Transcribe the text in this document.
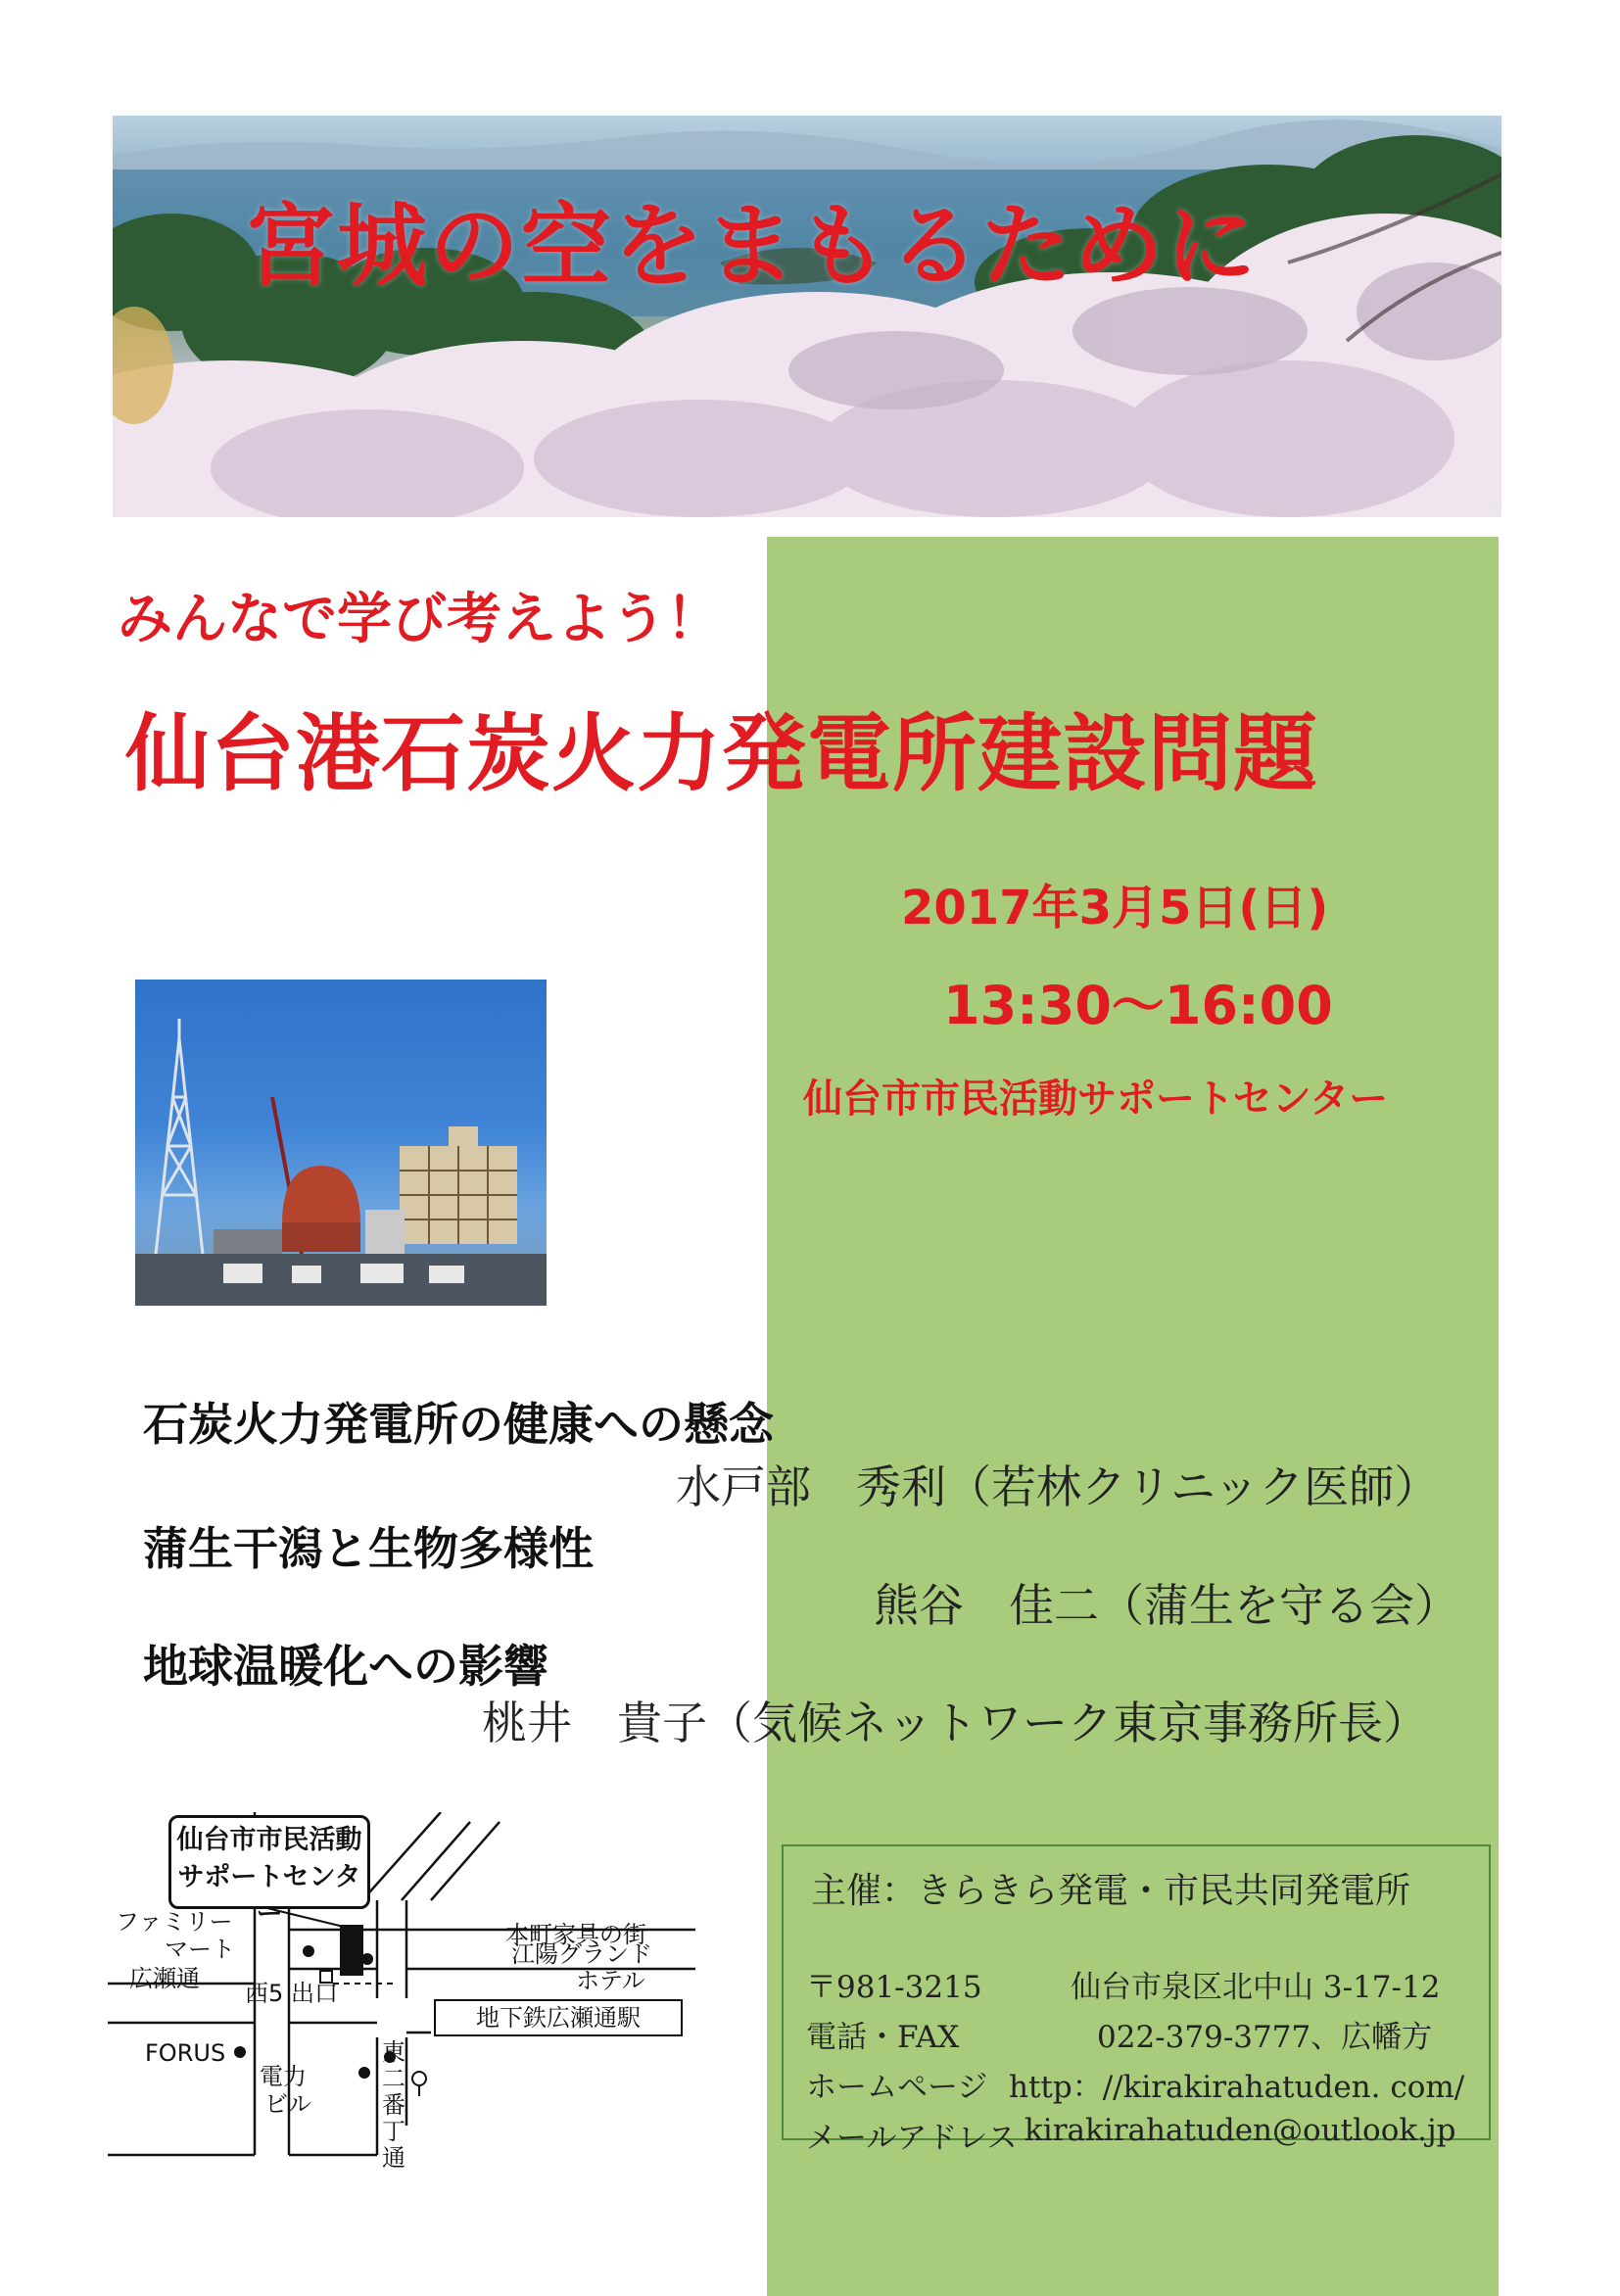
宮城の空をまもるために
みんなで学び考えよう！
仙台港石炭火力発電所建設問題
2017年3月5日(日)
13:30〜16:00
仙台市市民活動サポートセンター
石炭火力発電所の健康への懸念
水戸部　秀利（若林クリニック医師）
蒲生干潟と生物多様性
熊谷　佳二（蒲生を守る会）
地球温暖化への影響
桃井　貴子（気候ネットワーク東京事務所長）
仙台市市民活動
サポートセンター
本町家具の街
ファミリー
マート
広瀬通
江陽グランド
ホテル
西5 出口
地下鉄広瀬通駅
FORUS
電力
ビル
東
二
番
丁
通
主催：きらきら発電・市民共同発電所
〒981-3215	仙台市泉区北中山 3-17-12
電話・FAX	022-379-3777、広幡方
ホームページ http：//kirakirahatuden. com/
メールアドレス kirakirahatuden@outlook.jp
